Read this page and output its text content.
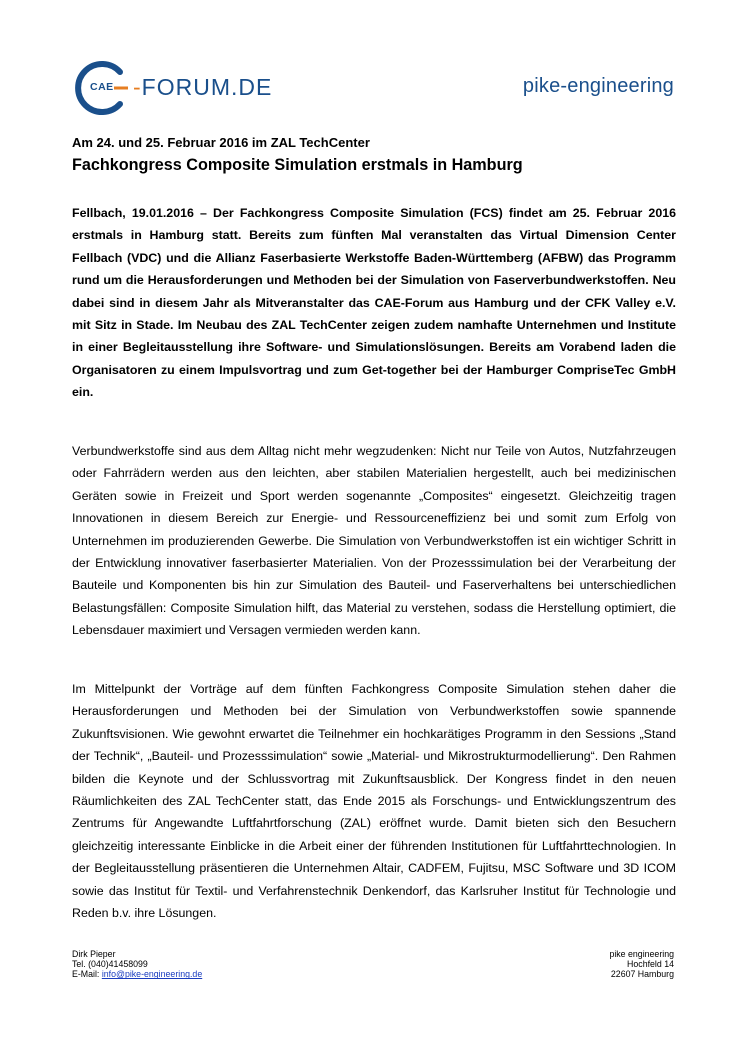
CAE -FORUM.DE	pike-engineering
Am 24. und 25. Februar 2016 im ZAL TechCenter
Fachkongress Composite Simulation erstmals in Hamburg
Fellbach, 19.01.2016 – Der Fachkongress Composite Simulation (FCS) findet am 25. Februar 2016 erstmals in Hamburg statt. Bereits zum fünften Mal veranstalten das Virtual Dimension Center Fellbach (VDC) und die Allianz Faserbasierte Werkstoffe Baden-Württemberg (AFBW) das Programm rund um die Herausforderungen und Methoden bei der Simulation von Faserverbundwerkstoffen. Neu dabei sind in diesem Jahr als Mitveranstalter das CAE-Forum aus Hamburg und der CFK Valley e.V. mit Sitz in Stade. Im Neubau des ZAL TechCenter zeigen zudem namhafte Unternehmen und Institute in einer Begleitausstellung ihre Software- und Simulationslösungen. Bereits am Vorabend laden die Organisatoren zu einem Impulsvortrag und zum Get-together bei der Hamburger CompriseTec GmbH ein.
Verbundwerkstoffe sind aus dem Alltag nicht mehr wegzudenken: Nicht nur Teile von Autos, Nutzfahrzeugen oder Fahrrädern werden aus den leichten, aber stabilen Materialien hergestellt, auch bei medizinischen Geräten sowie in Freizeit und Sport werden sogenannte „Composites“ eingesetzt. Gleichzeitig tragen Innovationen in diesem Bereich zur Energie- und Ressourceneffizienz bei und somit zum Erfolg von Unternehmen im produzierenden Gewerbe. Die Simulation von Verbundwerkstoffen ist ein wichtiger Schritt in der Entwicklung innovativer faserbasierter Materialien. Von der Prozesssimulation bei der Verarbeitung der Bauteile und Komponenten bis hin zur Simulation des Bauteil- und Faserverhaltens bei unterschiedlichen Belastungsfällen: Composite Simulation hilft, das Material zu verstehen, sodass die Herstellung optimiert, die Lebensdauer maximiert und Versagen vermieden werden kann.
Im Mittelpunkt der Vorträge auf dem fünften Fachkongress Composite Simulation stehen daher die Herausforderungen und Methoden bei der Simulation von Verbundwerkstoffen sowie spannende Zukunftsvisionen. Wie gewohnt erwartet die Teilnehmer ein hochkarätiges Programm in den Sessions „Stand der Technik“, „Bauteil- und Prozesssimulation“ sowie „Material- und Mikrostrukturmodellierung“. Den Rahmen bilden die Keynote und der Schlussvortrag mit Zukunftsausblick. Der Kongress findet in den neuen Räumlichkeiten des ZAL TechCenter statt, das Ende 2015 als Forschungs- und Entwicklungszentrum des Zentrums für Angewandte Luftfahrtforschung (ZAL) eröffnet wurde. Damit bieten sich den Besuchern gleichzeitig interessante Einblicke in die Arbeit einer der führenden Institutionen für Luftfahrttechnologien. In der Begleitausstellung präsentieren die Unternehmen Altair, CADFEM, Fujitsu, MSC Software und 3D ICOM sowie das Institut für Textil- und Verfahrenstechnik Denkendorf, das Karlsruher Institut für Technologie und Reden b.v. ihre Lösungen.
Dirk Pieper
Tel. (040)41458099
E-Mail: info@pike-engineering.de
pike engineering
Hochfeld 14
22607 Hamburg
